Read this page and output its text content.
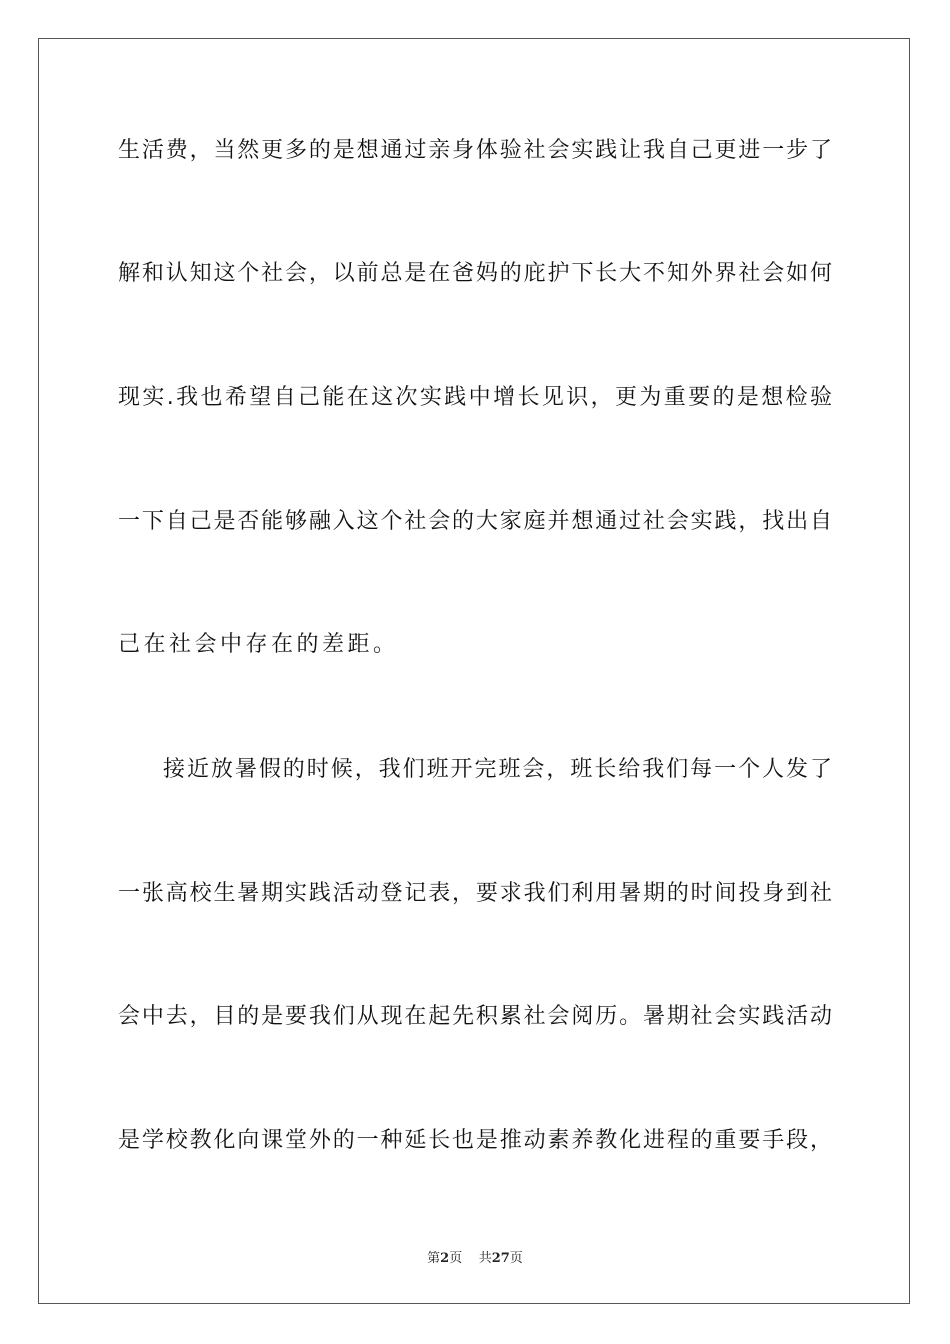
生活费，当然更多的是想通过亲身体验社会实践让我自己更进一步了
解和认知这个社会，以前总是在爸妈的庇护下长大不知外界社会如何
现实.我也希望自己能在这次实践中增长见识，更为重要的是想检验
一下自己是否能够融入这个社会的大家庭并想通过社会实践，找出自
己在社会中存在的差距。
接近放暑假的时候，我们班开完班会，班长给我们每一个人发了
一张高校生暑期实践活动登记表，要求我们利用暑期的时间投身到社
会中去，目的是要我们从现在起先积累社会阅历。暑期社会实践活动
是学校教化向课堂外的一种延长也是推动素养教化进程的重要手段，
第2页 共27页
